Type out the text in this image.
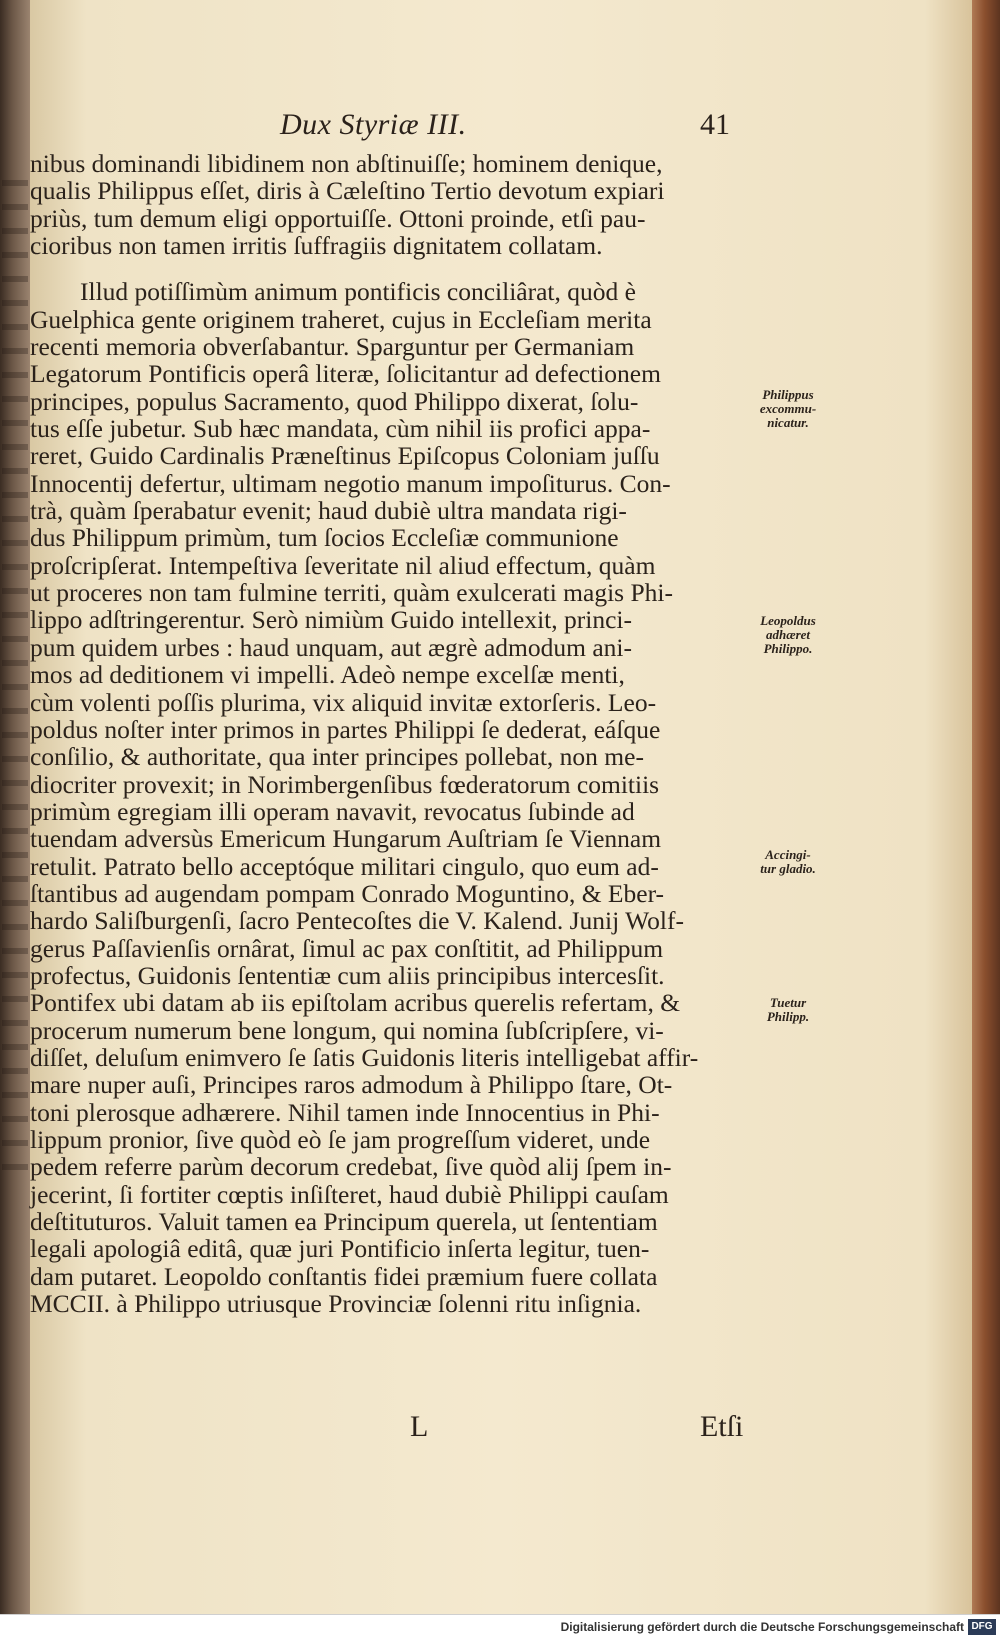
Dux Styriæ III.	41
nibus dominandi libidinem non abſtinuiſſe; hominem denique,
qualis Philippus eſſet, diris à Cæleſtino Tertio devotum expiari
priùs, tum demum eligi opportuiſſe. Ottoni proinde, etſi pau-
cioribus non tamen irritis ſuffragiis dignitatem collatam.
Illud potiſſimùm animum pontificis conciliârat, quòd è
Guelphica gente originem traheret, cujus in Eccleſiam merita
recenti memoria obverſabantur. Sparguntur per Germaniam
Legatorum Pontificis operâ literæ, ſolicitantur ad defectionem
principes, populus Sacramento, quod Philippo dixerat, ſolu-
tus eſſe jubetur. Sub hæc mandata, cùm nihil iis profici appa-
reret, Guido Cardinalis Præneſtinus Epiſcopus Coloniam juſſu
Innocentij defertur, ultimam negotio manum impoſiturus. Con-
trà, quàm ſperabatur evenit; haud dubiè ultra mandata rigi-
dus Philippum primùm, tum ſocios Eccleſiæ communione
proſcripſerat. Intempeſtiva ſeveritate nil aliud effectum, quàm
ut proceres non tam fulmine territi, quàm exulcerati magis Phi-
lippo adſtringerentur. Serò nimiùm Guido intellexit, princi-
pum quidem urbes : haud unquam, aut ægrè admodum ani-
mos ad deditionem vi impelli. Adeò nempe excelſæ menti,
cùm volenti poſſis plurima, vix aliquid invitæ extorſeris. Leo-
poldus noſter inter primos in partes Philippi ſe dederat, eáſque
conſilio, & authoritate, qua inter principes pollebat, non me-
diocriter provexit; in Norimbergenſibus fœderatorum comitiis
primùm egregiam illi operam navavit, revocatus ſubinde ad
tuendam adversùs Emericum Hungarum Auſtriam ſe Viennam
retulit. Patrato bello acceptóque militari cingulo, quo eum ad-
ſtantibus ad augendam pompam Conrado Moguntino, & Eber-
hardo Saliſburgenſi, ſacro Pentecoſtes die V. Kalend. Junij Wolf-
gerus Paſſavienſis ornârat, ſimul ac pax conſtitit, ad Philippum
profectus, Guidonis ſententiæ cum aliis principibus intercesſit.
Pontifex ubi datam ab iis epiſtolam acribus querelis refertam, &
procerum numerum bene longum, qui nomina ſubſcripſere, vi-
diſſet, deluſum enimvero ſe ſatis Guidonis literis intelligebat affir-
mare nuper auſi, Principes raros admodum à Philippo ſtare, Ot-
toni plerosque adhærere. Nihil tamen inde Innocentius in Phi-
lippum pronior, ſive quòd eò ſe jam progreſſum videret, unde
pedem referre parùm decorum credebat, ſive quòd alij ſpem in-
jecerint, ſi fortiter cœptis inſiſteret, haud dubiè Philippi cauſam
deſtituturos. Valuit tamen ea Principum querela, ut ſententiam
legali apologiâ editâ, quæ juri Pontificio inſerta legitur, tuen-
dam putaret. Leopoldo conſtantis fidei præmium fuere collata
MCCII. à Philippo utriusque Provinciæ ſolenni ritu inſignia.
Philippus
excommu-
nicatur.
Leopoldus
adhæret
Philippo.
Accingi-
tur gladio.
Tuetur
Philipp.
L	Etſi
Digitalisierung gefördert durch die Deutsche Forschungsgemeinschaft DFG
